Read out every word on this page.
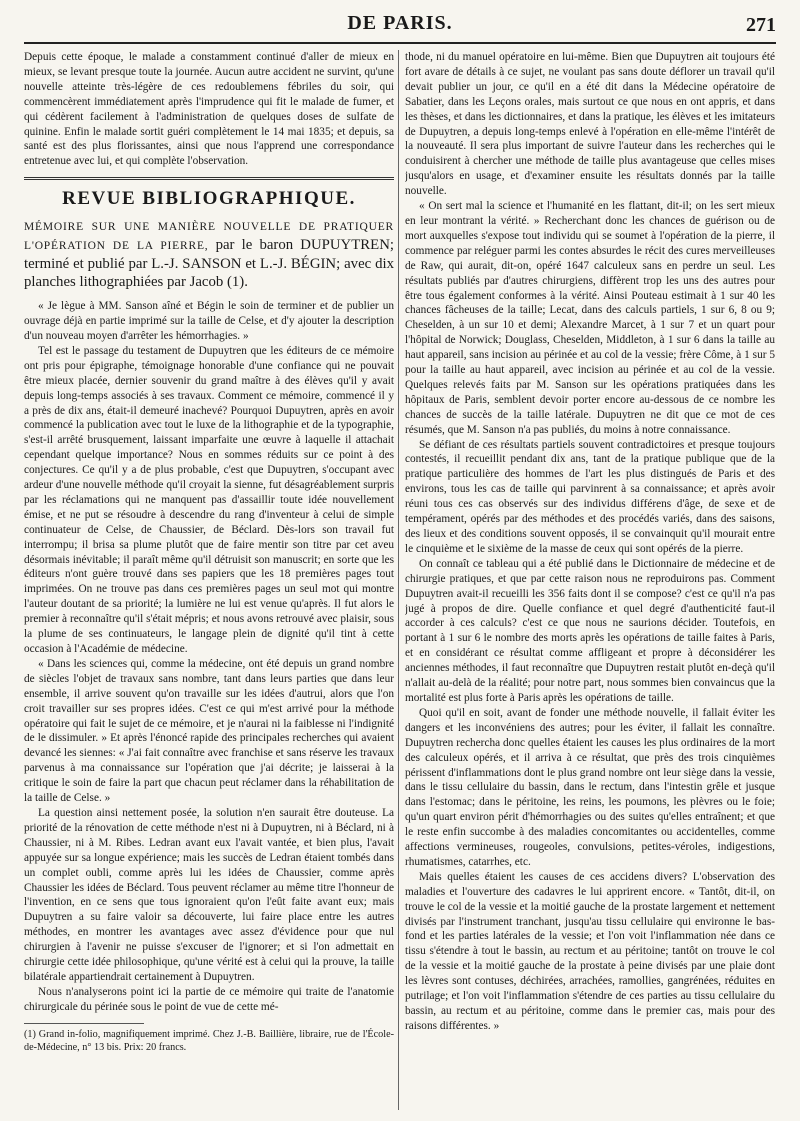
DE PARIS.	271

Depuis cette époque, le malade a constamment continué d'aller de mieux en mieux, se levant presque toute la journée. Aucun autre accident ne survint, qu'une nouvelle atteinte très-légère de ces redoublemens fébriles du soir, qui commencèrent immédiatement après l'imprudence qui fit le malade de fumer, et qui cédèrent facilement à l'administration de quelques doses de sulfate de quinine. Enfin le malade sortit guéri complètement le 14 mai 1835; et depuis, sa santé est des plus florissantes, ainsi que nous l'apprend une correspondance entretenue avec lui, et qui complète l'observation.

REVUE BIBLIOGRAPHIQUE.

MÉMOIRE SUR UNE MANIÈRE NOUVELLE DE PRATIQUER L'OPÉRATION DE LA PIERRE, par le baron DUPUYTREN; terminé et publié par L.-J. SANSON et L.-J. BÉGIN; avec dix planches lithographiées par Jacob (1).

« Je lègue à MM. Sanson aîné et Bégin le soin de terminer et de publier un ouvrage déjà en partie imprimé sur la taille de Celse, et d'y ajouter la description d'un nouveau moyen d'arrêter les hémorrhagies. »

Tel est le passage du testament de Dupuytren que les éditeurs de ce mémoire ont pris pour épigraphe, témoignage honorable d'une confiance qui ne pouvait être mieux placée, dernier souvenir du grand maître à des élèves qu'il y avait depuis long-temps associés à ses travaux. Comment ce mémoire, commencé il y a près de dix ans, était-il demeuré inachevé? Pourquoi Dupuytren, après en avoir commencé la publication avec tout le luxe de la lithographie et de la typographie, s'est-il arrêté brusquement, laissant imparfaite une œuvre à laquelle il attachait cependant quelque importance? Nous en sommes réduits sur ce point à des conjectures. Ce qu'il y a de plus probable, c'est que Dupuytren, s'occupant avec ardeur d'une nouvelle méthode qu'il croyait la sienne, fut désagréablement surpris par les réclamations qui ne manquent pas d'assaillir toute idée nouvellement émise, et ne put se résoudre à descendre du rang d'inventeur à celui de simple continuateur de Celse, de Chaussier, de Béclard. Dès-lors son travail fut interrompu; il brisa sa plume plutôt que de faire mentir son titre par cet aveu désormais inévitable; il paraît même qu'il détruisit son manuscrit; en sorte que les éditeurs n'ont guère trouvé dans ses papiers que les 18 premières pages tout imprimées. On ne trouve pas dans ces premières pages un seul mot qui montre l'auteur doutant de sa priorité; la lumière ne lui est venue qu'après. Il fut alors le premier à reconnaître qu'il s'était mépris; et nous avons retrouvé avec plaisir, sous la plume de ses continuateurs, le langage plein de dignité qu'il tint à cette occasion à l'Académie de médecine.

« Dans les sciences qui, comme la médecine, ont été depuis un grand nombre de siècles l'objet de travaux sans nombre, tant dans leurs parties que dans leur ensemble, il arrive souvent qu'on travaille sur les idées d'autrui, alors que l'on croit travailler sur ses propres idées. C'est ce qui m'est arrivé pour la méthode opératoire qui fait le sujet de ce mémoire, et je n'aurai ni la faiblesse ni l'indignité de le dissimuler. » Et après l'énoncé rapide des principales recherches qui avaient devancé les siennes: « J'ai fait connaître avec franchise et sans réserve les travaux parvenus à ma connaissance sur l'opération que j'ai décrite; je laisserai à la critique le soin de faire la part que chacun peut réclamer dans la réhabilitation de la taille de Celse. »

La question ainsi nettement posée, la solution n'en saurait être douteuse. La priorité de la rénovation de cette méthode n'est ni à Dupuytren, ni à Béclard, ni à Chaussier, ni à M. Ribes. Ledran avant eux l'avait vantée, et bien plus, l'avait appuyée sur sa longue expérience; mais les succès de Ledran étaient tombés dans un complet oubli, comme après lui les idées de Chaussier, comme après Chaussier les idées de Béclard. Tous peuvent réclamer au même titre l'honneur de l'invention, en ce sens que tous ignoraient qu'on l'eût faite avant eux; mais Dupuytren a su faire valoir sa découverte, lui faire place entre les autres méthodes, en montrer les avantages avec assez d'évidence pour que nul chirurgien à l'avenir ne puisse s'excuser de l'ignorer; et si l'on admettait en chirurgie cette idée philosophique, qu'une vérité est à celui qui la prouve, la taille bilatérale appartiendrait certainement à Dupuytren.

Nous n'analyserons point ici la partie de ce mémoire qui traite de l'anatomie chirurgicale du périnée sous le point de vue de cette mé-

(1) Grand in-folio, magnifiquement imprimé. Chez J.-B. Baillière, libraire, rue de l'École-de-Médecine, n° 13 bis. Prix: 20 francs.

thode, ni du manuel opératoire en lui-même. Bien que Dupuytren ait toujours été fort avare de détails à ce sujet, ne voulant pas sans doute déflorer un travail qu'il devait publier un jour, ce qu'il en a été dit dans la Médecine opératoire de Sabatier, dans les Leçons orales, mais surtout ce que nous en ont appris, et dans les thèses, et dans les dictionnaires, et dans la pratique, les élèves et les imitateurs de Dupuytren, a depuis long-temps enlevé à l'opération en elle-même l'intérêt de la nouveauté. Il sera plus important de suivre l'auteur dans les recherches qui le conduisirent à chercher une méthode de taille plus avantageuse que celles mises jusqu'alors en usage, et d'examiner ensuite les résultats donnés par la taille nouvelle.

« On sert mal la science et l'humanité en les flattant, dit-il; on les sert mieux en leur montrant la vérité. » Recherchant donc les chances de guérison ou de mort auxquelles s'expose tout individu qui se soumet à l'opération de la pierre, il commence par reléguer parmi les contes absurdes le récit des cures merveilleuses de Raw, qui aurait, dit-on, opéré 1647 calculeux sans en perdre un seul. Les résultats publiés par d'autres chirurgiens, diffèrent trop les uns des autres pour être tous également conformes à la vérité. Ainsi Pouteau estimait à 1 sur 40 les chances fâcheuses de la taille; Lecat, dans des calculs partiels, 1 sur 6, 8 ou 9; Cheselden, à un sur 10 et demi; Alexandre Marcet, à 1 sur 7 et un quart pour l'hôpital de Norwick; Douglass, Cheselden, Middleton, à 1 sur 6 dans la taille au haut appareil, sans incision au périnée et au col de la vessie; frère Côme, à 1 sur 5 pour la taille au haut appareil, avec incision au périnée et au col de la vessie. Quelques relevés faits par M. Sanson sur les opérations pratiquées dans les hôpitaux de Paris, semblent devoir porter encore au-dessous de ce nombre les chances de succès de la taille latérale. Dupuytren ne dit que ce mot de ces résumés, que M. Sanson n'a pas publiés, du moins à notre connaissance.

Se défiant de ces résultats partiels souvent contradictoires et presque toujours contestés, il recueillit pendant dix ans, tant de la pratique publique que de la pratique particulière des hommes de l'art les plus distingués de Paris et des environs, tous les cas de taille qui parvinrent à sa connaissance; et après avoir réuni tous ces cas observés sur des individus différens d'âge, de sexe et de tempérament, opérés par des méthodes et des procédés variés, dans des saisons, des lieux et des conditions souvent opposés, il se convainquit qu'il mourait entre le cinquième et le sixième de la masse de ceux qui sont opérés de la pierre.

On connaît ce tableau qui a été publié dans le Dictionnaire de médecine et de chirurgie pratiques, et que par cette raison nous ne reproduirons pas. Comment Dupuytren avait-il recueilli les 356 faits dont il se compose? c'est ce qu'il n'a pas jugé à propos de dire. Quelle confiance et quel degré d'authenticité faut-il accorder à ces calculs? c'est ce que nous ne saurions décider. Toutefois, en portant à 1 sur 6 le nombre des morts après les opérations de taille faites à Paris, et en considérant ce résultat comme affligeant et propre à déconsidérer les anciennes méthodes, il faut reconnaître que Dupuytren restait plutôt en-deçà qu'il n'allait au-delà de la réalité; pour notre part, nous sommes bien convaincus que la mortalité est plus forte à Paris après les opérations de taille.

Quoi qu'il en soit, avant de fonder une méthode nouvelle, il fallait éviter les dangers et les inconvéniens des autres; pour les éviter, il fallait les connaître. Dupuytren rechercha donc quelles étaient les causes les plus ordinaires de la mort des calculeux opérés, et il arriva à ce résultat, que près des trois cinquièmes périssent d'inflammations dont le plus grand nombre ont leur siège dans la vessie, dans le tissu cellulaire du bassin, dans le rectum, dans l'intestin grêle et jusque dans l'estomac; dans le péritoine, les reins, les poumons, les plèvres ou le foie; qu'un quart environ périt d'hémorrhagies ou des suites qu'elles entraînent; et que le reste enfin succombe à des maladies concomitantes ou accidentelles, comme affections vermineuses, rougeoles, convulsions, petites-véroles, indigestions, rhumatismes, catarrhes, etc.

Mais quelles étaient les causes de ces accidens divers? L'observation des maladies et l'ouverture des cadavres le lui apprirent encore. « Tantôt, dit-il, on trouve le col de la vessie et la moitié gauche de la prostate largement et nettement divisés par l'instrument tranchant, jusqu'au tissu cellulaire qui environne le bas-fond et les parties latérales de la vessie; et l'on voit l'inflammation née dans ce tissu s'étendre à tout le bassin, au rectum et au péritoine; tantôt on trouve le col de la vessie et la moitié gauche de la prostate à peine divisés par une plaie dont les lèvres sont contuses, déchirées, arrachées, ramollies, gangrénées, réduites en putrilage; et l'on voit l'inflammation s'étendre de ces parties au tissu cellulaire du bassin, au rectum et au péritoine, comme dans le premier cas, mais pour des raisons différentes. »
